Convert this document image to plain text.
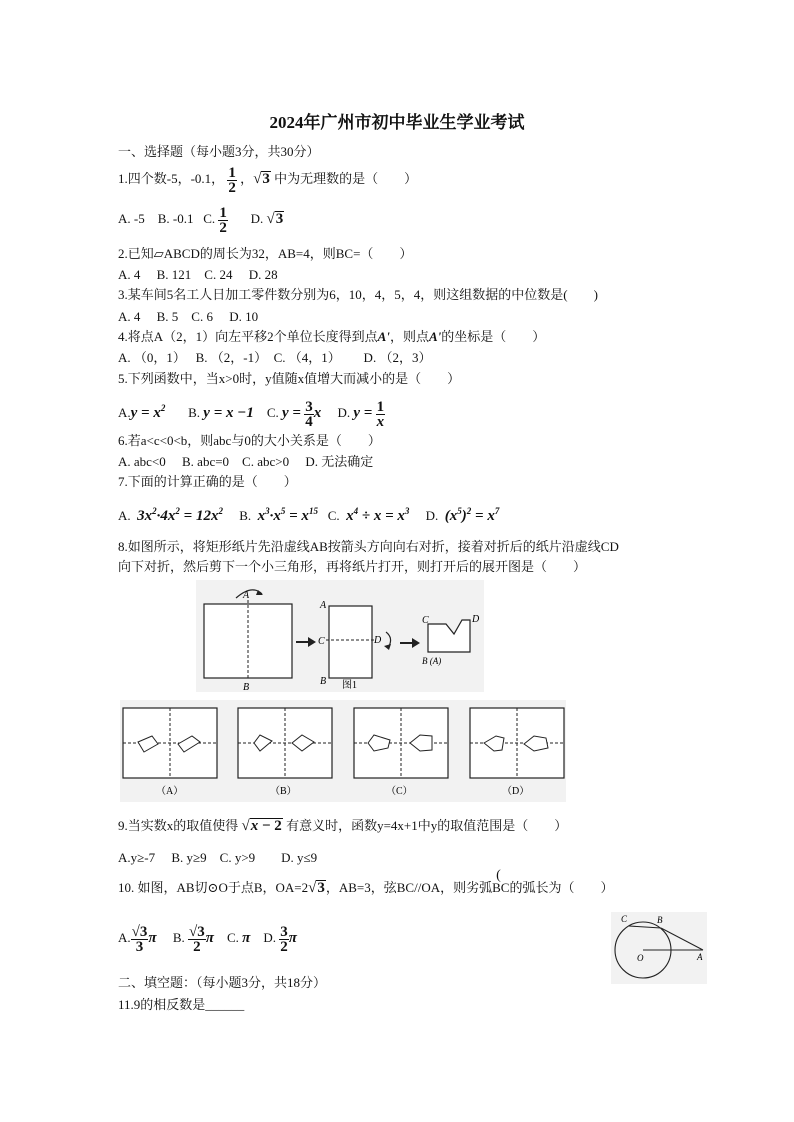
2024年广州市初中毕业生学业考试
一、选择题（每小题3分，共30分）
1.四个数-5，-0.1， $\frac{1}{2}$ ，√3 中为无理数的是（　　）
A. -5 B. -0.1 C. $\frac{1}{2} D$. √3
2.已知▱ABCD的周长为32，AB=4，则BC=（　　）
A. 4　 B. 121　C. 24　 D. 28
3.某车间5名工人日加工零件数分别为6，10，4，5，4，则这组数据的中位数是(　　)
A. 4　 B. 5　C. 6　 D. 10
4.将点A（2，1）向左平移2个单位长度得到点A'，则点A'的坐标是（　　）
A. （0，1）　 B. （2，-1）　C. （4，1）　　 D. （2，3）
5.下列函数中，当x>0时，y值随x值增大而减小的是（　　）
$A.y = x^2$ B. y = x −1 C. $y = \frac{3}{4}$ x D. $y = \frac{1}{x}$
6.若a<c<0<b，则abc与0的大小关系是（　　）
A. abc<0　 B. abc=0　C. abc>0　 D. 无法确定
7.下面的计算正确的是（　　）
A. $3x^2\cdot 4x^2 = 12x^2$ B. $x^3\cdot x^5 = x^{15}$ C. $x^4 \div x = x^3$ D. $(x^5)^2 = x^7$
8.如图所示，将矩形纸片先沿虚线AB按箭头方向向右对折，接着对折后的纸片沿虚线CD
向下对折，然后剪下一个小三角形，再将纸片打开，则打开后的展开图是（　　）
A
B
A
C	D
B
C	D
B (A)
图1
（A）	（B）	（C）	（D）
9.当实数x的取值使得 √x − 2 有意义时，函数y=4x+1中y的取值范围是（　　）
A.y≥-7　 B. y≥9　C. y>9　　D. y≤9
10. 如图，AB切⊙O于点B，OA=2√3，AB=3，弦BC//OA，则劣弧
(
BC的弧长为（　　）
A. $\frac{√3}{3}$ π B. $\frac{√3}{2}$ π C. π D. $\frac{3}{2}$ π
C	B
O	A
二、填空题：（每小题3分，共18分）
11.9的相反数是______
